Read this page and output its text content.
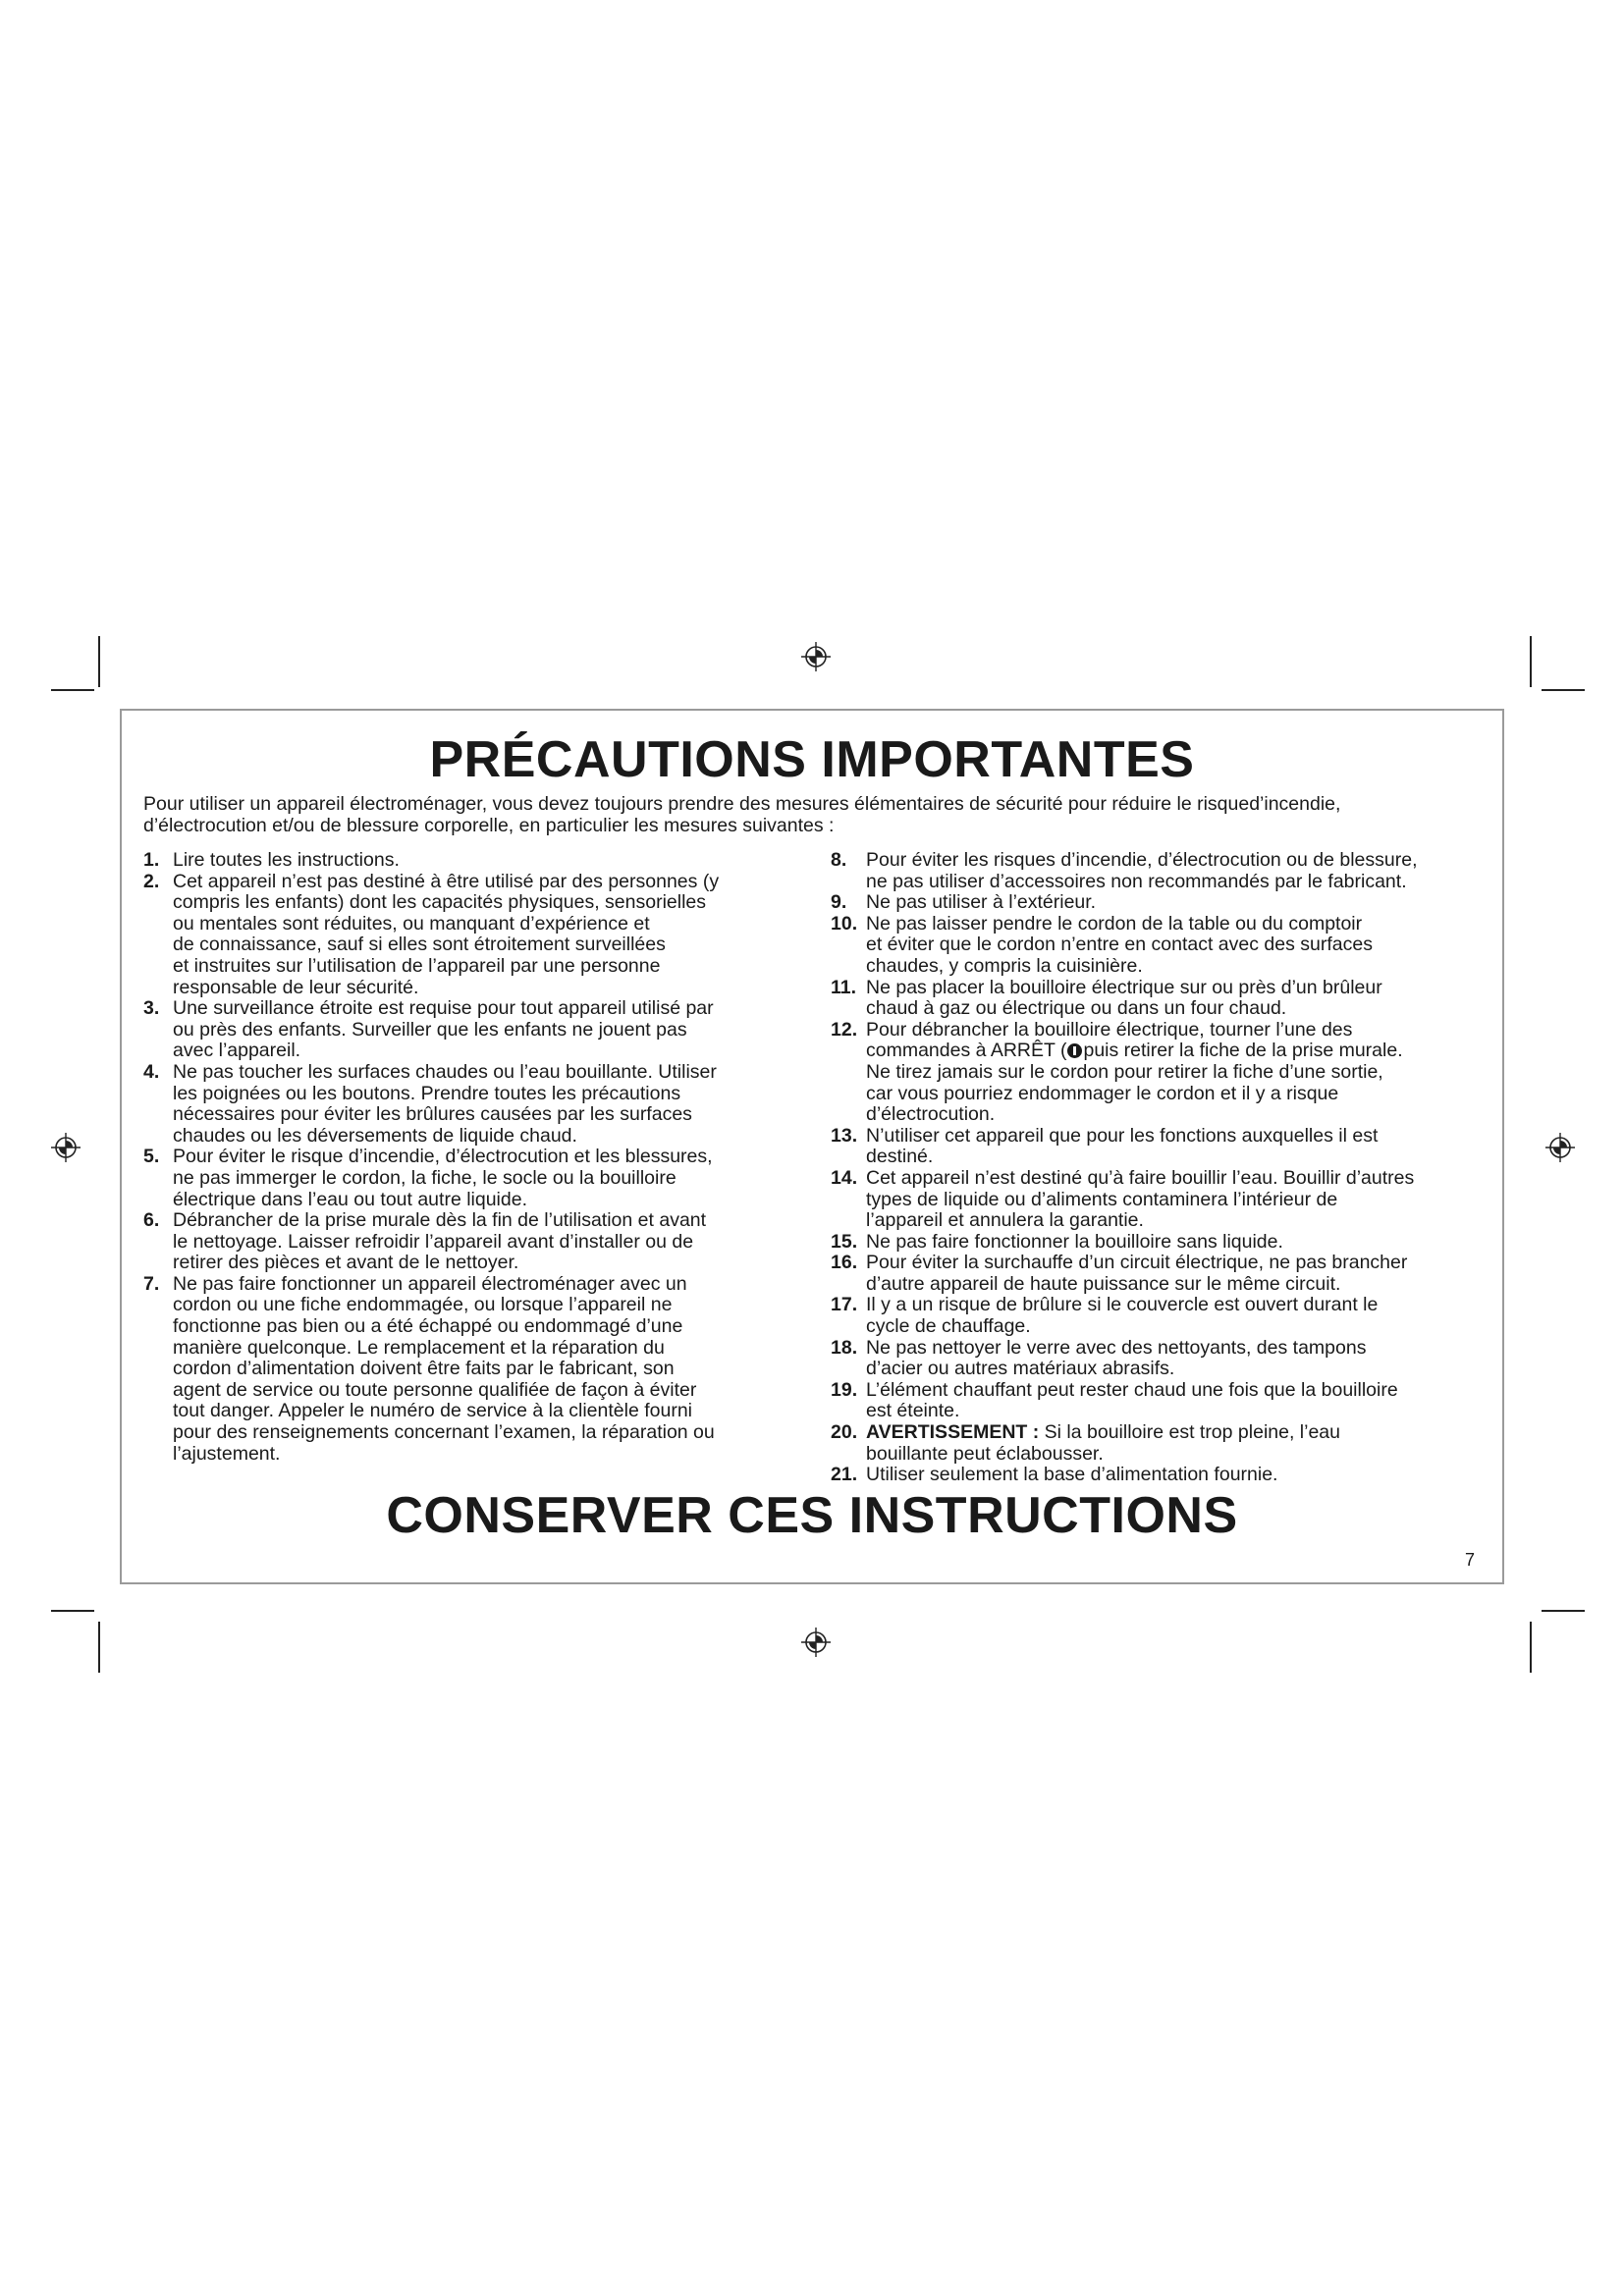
PRÉCAUTIONS IMPORTANTES
Pour utiliser un appareil électroménager, vous devez toujours prendre des mesures élémentaires de sécurité pour réduire le risqued’incendie,
d’électrocution et/ou de blessure corporelle, en particulier les mesures suivantes :
1. Lire toutes les instructions.
2. Cet appareil n’est pas destiné à être utilisé par des personnes (y
compris les enfants) dont les capacités physiques, sensorielles
ou mentales sont réduites, ou manquant d’expérience et
de connaissance, sauf si elles sont étroitement surveillées
et instruites sur l’utilisation de l’appareil par une personne
responsable de leur sécurité.
3. Une surveillance étroite est requise pour tout appareil utilisé par
ou près des enfants. Surveiller que les enfants ne jouent pas
avec l’appareil.
4. Ne pas toucher les surfaces chaudes ou l’eau bouillante. Utiliser
les poignées ou les boutons. Prendre toutes les précautions
nécessaires pour éviter les brûlures causées par les surfaces
chaudes ou les déversements de liquide chaud.
5. Pour éviter le risque d’incendie, d’électrocution et les blessures,
ne pas immerger le cordon, la fiche, le socle ou la bouilloire
électrique dans l’eau ou tout autre liquide.
6. Débrancher de la prise murale dès la fin de l’utilisation et avant
le nettoyage. Laisser refroidir l’appareil avant d’installer ou de
retirer des pièces et avant de le nettoyer.
7. Ne pas faire fonctionner un appareil électroménager avec un
cordon ou une fiche endommagée, ou lorsque l’appareil ne
fonctionne pas bien ou a été échappé ou endommagé d’une
manière quelconque. Le remplacement et la réparation du
cordon d’alimentation doivent être faits par le fabricant, son
agent de service ou toute personne qualifiée de façon à éviter
tout danger. Appeler le numéro de service à la clientèle fourni
pour des renseignements concernant l’examen, la réparation ou
l’ajustement.
8.	Pour éviter les risques d’incendie, d’électrocution ou de blessure,
ne pas utiliser d’accessoires non recommandés par le fabricant.
9.	Ne pas utiliser à l’extérieur.
10. Ne pas laisser pendre le cordon de la table ou du comptoir
et éviter que le cordon n’entre en contact avec des surfaces
chaudes, y compris la cuisinière.
11. Ne pas placer la bouilloire électrique sur ou près d’un brûleur
chaud à gaz ou électrique ou dans un four chaud.
12. Pour débrancher la bouilloire électrique, tourner l’une des
commandes à ARRÊT ( puis retirer la fiche de la prise murale.
Ne tirez jamais sur le cordon pour retirer la fiche d’une sortie,
car vous pourriez endommager le cordon et il y a risque
d’électrocution.
13. N’utiliser cet appareil que pour les fonctions auxquelles il est
destiné.
14. Cet appareil n’est destiné qu’à faire bouillir l’eau. Bouillir d’autres
types de liquide ou d’aliments contaminera l’intérieur de
l’appareil et annulera la garantie.
15. Ne pas faire fonctionner la bouilloire sans liquide.
16. Pour éviter la surchauffe d’un circuit électrique, ne pas brancher
d’autre appareil de haute puissance sur le même circuit.
17. Il y a un risque de brûlure si le couvercle est ouvert durant le
cycle de chauffage.
18. Ne pas nettoyer le verre avec des nettoyants, des tampons
d’acier ou autres matériaux abrasifs.
19. L’élément chauffant peut rester chaud une fois que la bouilloire
est éteinte.
20. AVERTISSEMENT : Si la bouilloire est trop pleine, l’eau
bouillante peut éclabousser.
21. Utiliser seulement la base d’alimentation fournie.
CONSERVER CES INSTRUCTIONS
7
